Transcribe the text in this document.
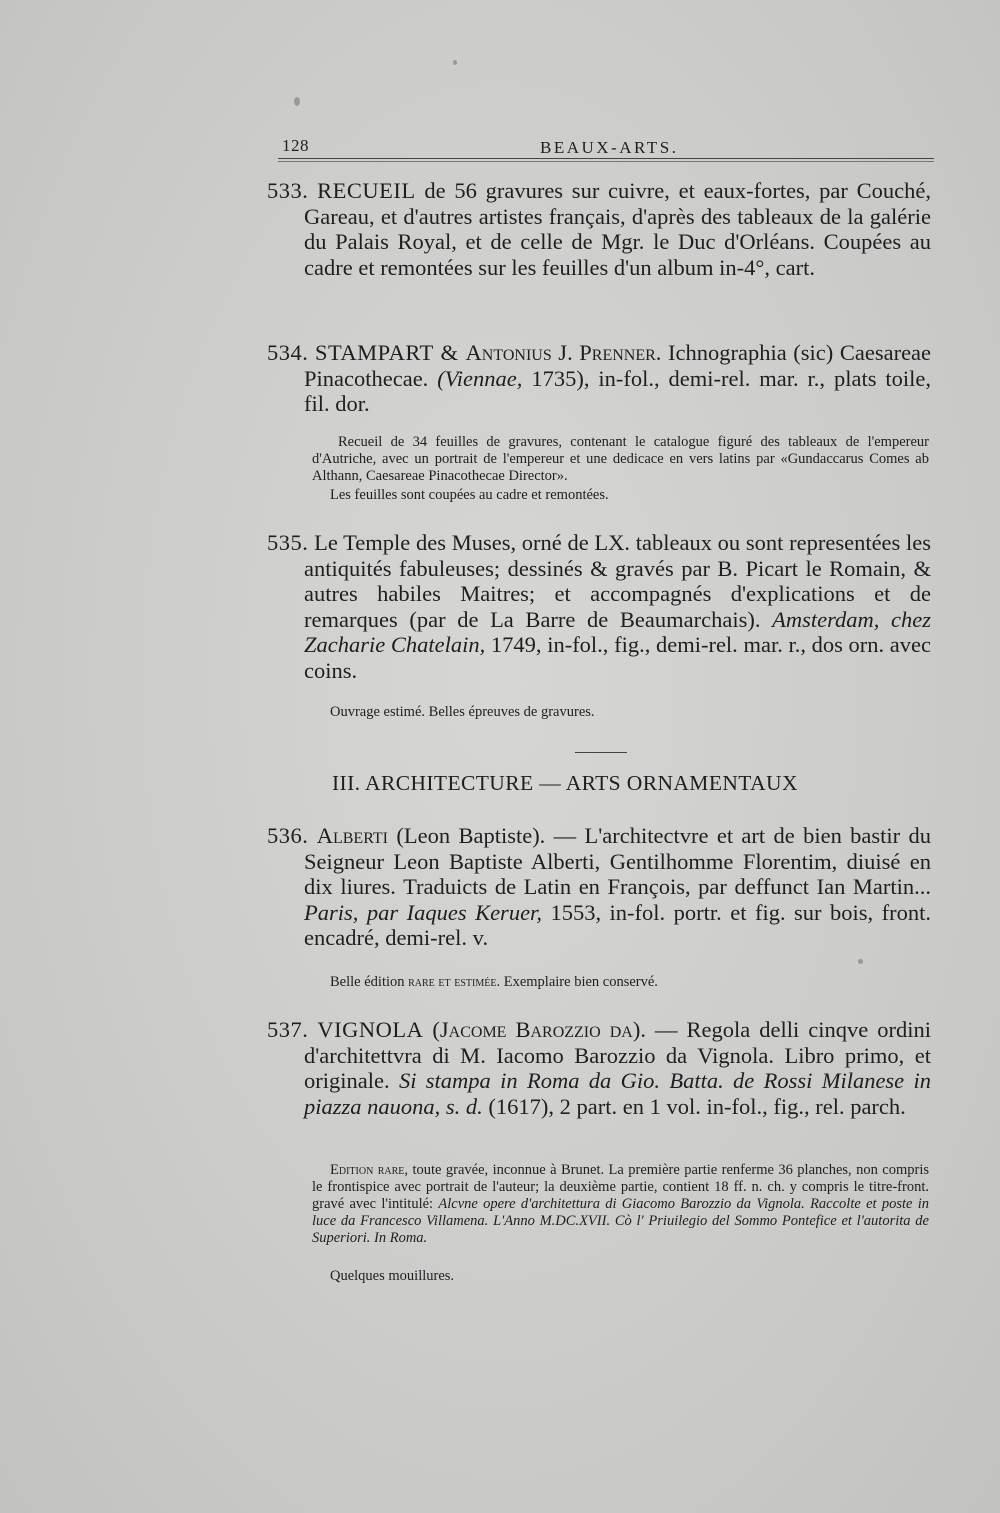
128	BEAUX-ARTS.
533. RECUEIL de 56 gravures sur cuivre, et eaux-fortes, par Couché, Gareau, et d'autres artistes français, d'après des tableaux de la galérie du Palais Royal, et de celle de Mgr. le Duc d'Orléans. Coupées au cadre et remontées sur les feuilles d'un album in-4°, cart.
534. STAMPART & Antonius J. Prenner. Ichnographia (sic) Caesareae Pinacothecae. (Viennae, 1735), in-fol., demi-rel. mar. r., plats toile, fil. dor.
Recueil de 34 feuilles de gravures, contenant le catalogue figuré des tableaux de l'empereur d'Autriche, avec un portrait de l'empereur et une dedicace en vers latins par «Gundaccarus Comes ab Althann, Caesareae Pinacothecae Director».
Les feuilles sont coupées au cadre et remontées.
535. Le Temple des Muses, orné de LX. tableaux ou sont representées les antiquités fabuleuses; dessinés & gravés par B. Picart le Romain, & autres habiles Maitres; et accompagnés d'explications et de remarques (par de La Barre de Beaumarchais). Amsterdam, chez Zacharie Chatelain, 1749, in-fol., fig., demi-rel. mar. r., dos orn. avec coins.
Ouvrage estimé. Belles épreuves de gravures.
III. ARCHITECTURE — ARTS ORNAMENTAUX
536. Alberti (Leon Baptiste). — L'architectvre et art de bien bastir du Seigneur Leon Baptiste Alberti, Gentilhomme Florentim, diuisé en dix liures. Traduicts de Latin en François, par deffunct Ian Martin... Paris, par Iaques Keruer, 1553, in-fol. portr. et fig. sur bois, front. encadré, demi-rel. v.
Belle édition rare et estimée. Exemplaire bien conservé.
537. VIGNOLA (Jacome Barozzio da). — Regola delli cinqve ordini d'architettvra di M. Iacomo Barozzio da Vignola. Libro primo, et originale. Si stampa in Roma da Gio. Batta. de Rossi Milanese in piazza nauona, s. d. (1617), 2 part. en 1 vol. in-fol., fig., rel. parch.
Edition rare, toute gravée, inconnue à Brunet. La première partie renferme 36 planches, non compris le frontispice avec portrait de l'auteur; la deuxième partie, contient 18 ff. n. ch. y compris le titre-front. gravé avec l'intitulé: Alcvne opere d'architettura di Giacomo Barozzio da Vignola. Raccolte et poste in luce da Francesco Villamena. L'Anno M.DC.XVII. Cò l' Priuilegio del Sommo Pontefice et l'autorita de Superiori. In Roma.
Quelques mouillures.
